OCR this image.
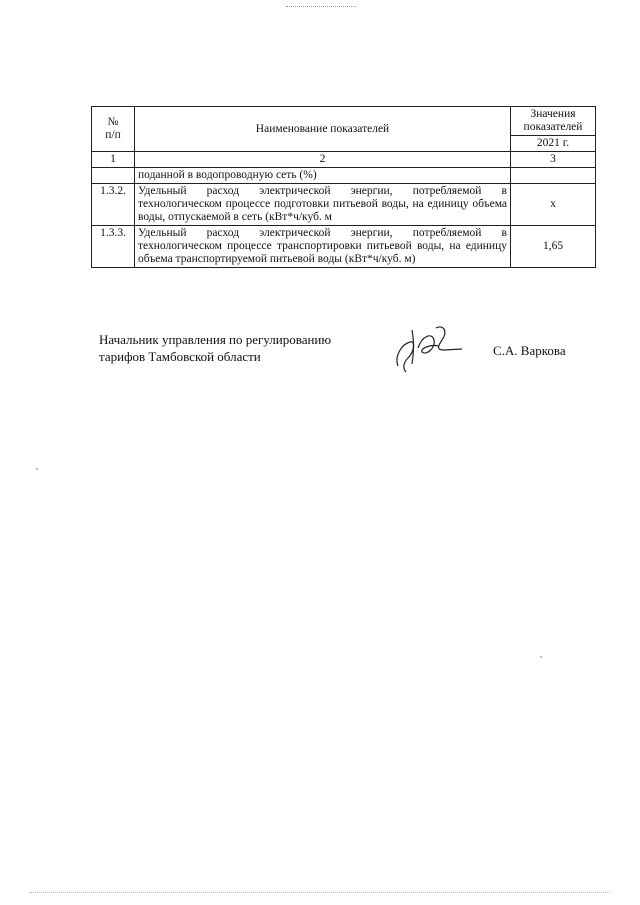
№
п/п	Наименование показателей	Значения показателей
		2021 г.
1	2	3
	поданной в водопроводную сеть (%)	
1.3.2.	Удельный расход электрической энергии, потребляемой в технологическом процессе подготовки питьевой воды, на единицу объема воды, отпускаемой в сеть (кВт*ч/куб. м	x
1.3.3.	Удельный расход электрической энергии, потребляемой в технологическом процессе транспортировки питьевой воды, на единицу объема транспортируемой питьевой воды (кВт*ч/куб. м)	1,65
Начальник управления по регулированию
тарифов Тамбовской области	С.А. Варкова
